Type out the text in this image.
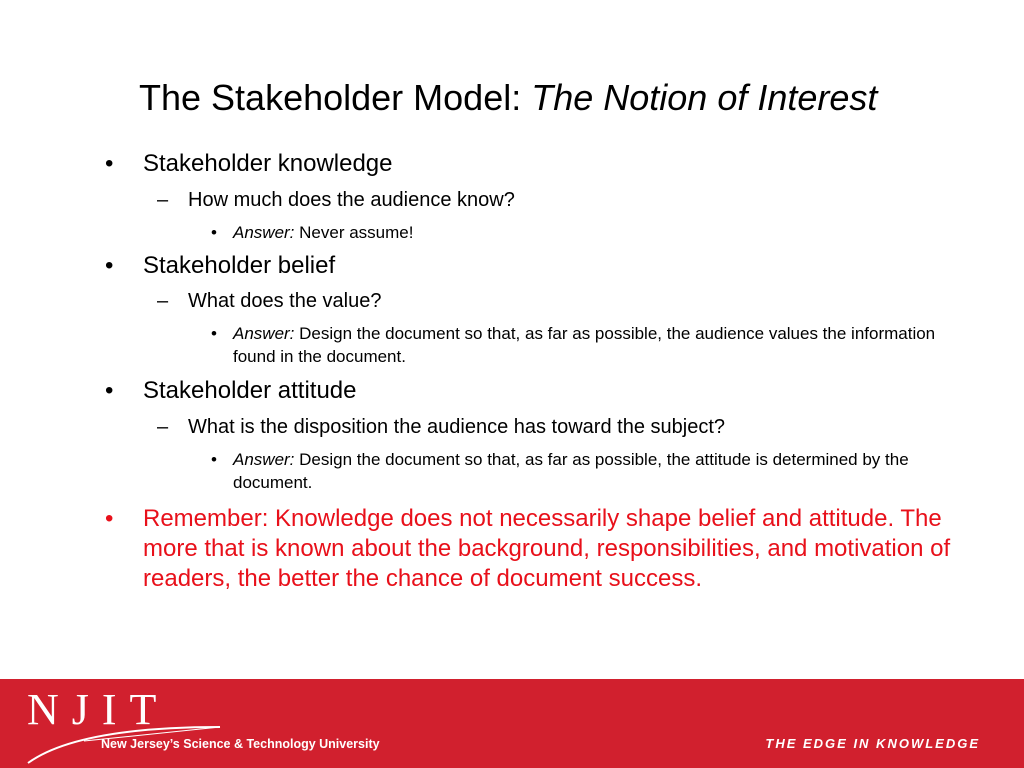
The Stakeholder Model: The Notion of Interest
• Stakeholder knowledge
– How much does the audience know?
• Answer: Never assume!
• Stakeholder belief
– What does the value?
• Answer: Design the document so that, as far as possible, the audience values the information found in the document.
• Stakeholder attitude
– What is the disposition the audience has toward the subject?
• Answer: Design the document so that, as far as possible, the attitude is determined by the document.
• Remember: Knowledge does not necessarily shape belief and attitude. The more that is known about the background, responsibilities, and motivation of readers, the better the chance of document success.
NJIT
New Jersey’s Science & Technology University	THE EDGE IN KNOWLEDGE
